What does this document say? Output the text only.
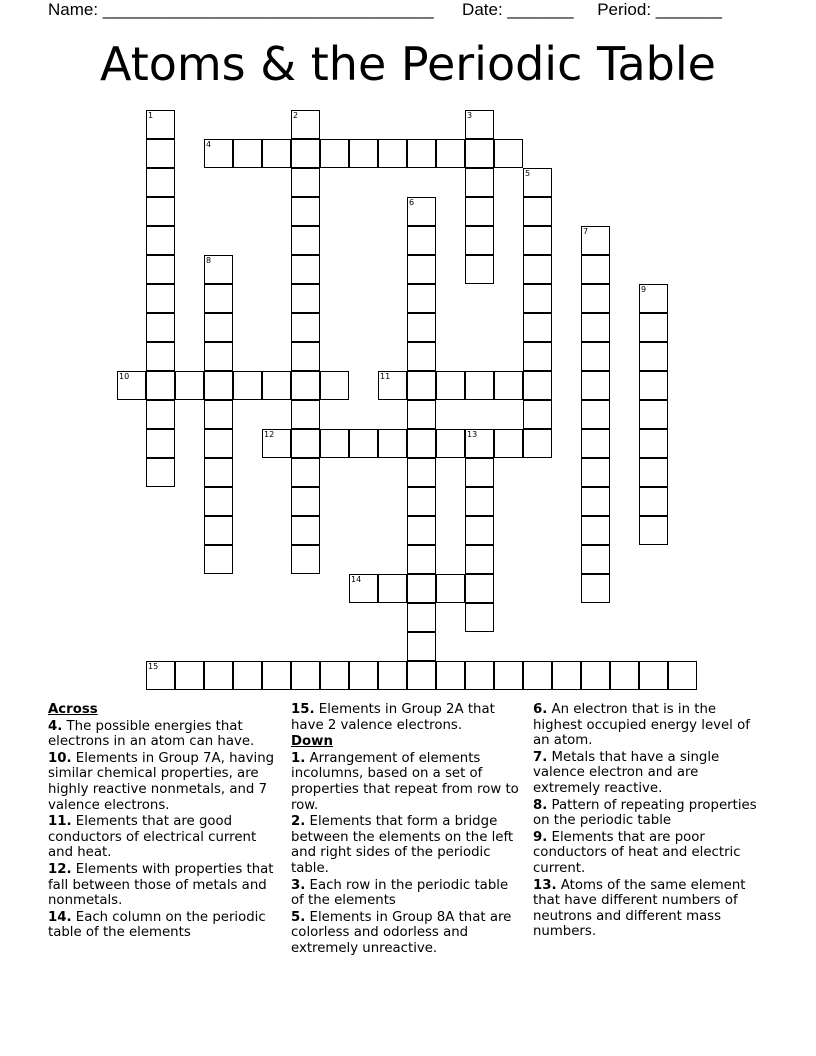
Name: ___________________________________      Date: _______     Period: _______
Atoms & the Periodic Table
1	2	3
4
5
6
7
8
9
10	11
12	13
14
15
Across
4. The possible energies that electrons in an atom can have.
10. Elements in Group 7A, having similar chemical properties, are highly reactive nonmetals, and 7 valence electrons.
11. Elements that are good conductors of electrical current and heat.
12. Elements with properties that fall between those of metals and nonmetals.
14. Each column on the periodic table of the elements
15. Elements in Group 2A that have 2 valence electrons.
Down
1. Arrangement of elements incolumns, based on a set of properties that repeat from row to row.
2. Elements that form a bridge between the elements on the left and right sides of the periodic table.
3. Each row in the periodic table of the elements
5. Elements in Group 8A that are colorless and odorless and extremely unreactive.
6. An electron that is in the highest occupied energy level of an atom.
7. Metals that have a single valence electron and are extremely reactive.
8. Pattern of repeating properties on the periodic table
9. Elements that are poor conductors of heat and electric current.
13. Atoms of the same element that have different numbers of neutrons and different mass numbers.
